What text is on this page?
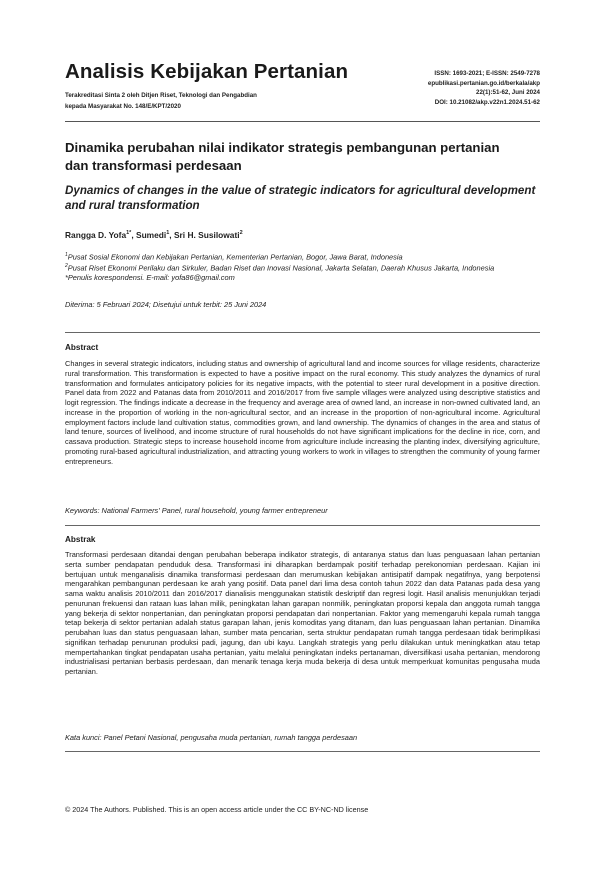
Analisis Kebijakan Pertanian
Terakreditasi Sinta 2 oleh Ditjen Riset, Teknologi dan Pengabdian
kepada Masyarakat No. 148/E/KPT/2020
ISSN: 1693-2021; E-ISSN: 2549-7278
epublikasi.pertanian.go.id/berkala/akp
22(1):51-62, Juni 2024
DOI: 10.21082/akp.v22n1.2024.51-62
Dinamika perubahan nilai indikator strategis pembangunan pertanian dan transformasi perdesaan
Dynamics of changes in the value of strategic indicators for agricultural development and rural transformation
Rangga D. Yofa$^{1*}$, Sumedi$^1$, Sri H. Susilowati$^2$
$^1$Pusat Sosial Ekonomi dan Kebijakan Pertanian, Kementerian Pertanian, Bogor, Jawa Barat, Indonesia
$^2$Pusat Riset Ekonomi Perilaku dan Sirkuler, Badan Riset dan Inovasi Nasional, Jakarta Selatan, Daerah Khusus Jakarta, Indonesia
*Penulis korespondensi. E-mail: yofa86@gmail.com
Diterima: 5 Februari 2024; Disetujui untuk terbit: 25 Juni 2024
Abstract
Changes in several strategic indicators, including status and ownership of agricultural land and income sources for village residents, characterize rural transformation. This transformation is expected to have a positive impact on the rural economy. This study analyzes the dynamics of rural transformation and formulates anticipatory policies for its negative impacts, with the potential to steer rural development in a positive direction. Panel data from 2022 and Patanas data from 2010/2011 and 2016/2017 from five sample villages were analyzed using descriptive statistics and logit regression. The findings indicate a decrease in the frequency and average area of owned land, an increase in non-owned cultivated land, an increase in the proportion of working in the non-agricultural sector, and an increase in the proportion of non-agricultural income. Agricultural employment factors include land cultivation status, commodities grown, and land ownership. The dynamics of changes in the area and status of land tenure, sources of livelihood, and income structure of rural households do not have significant implications for the decline in rice, corn, and cassava production. Strategic steps to increase household income from agriculture include increasing the planting index, diversifying agriculture, promoting rural-based agricultural industrialization, and attracting young workers to work in villages to strengthen the community of young farmer entrepreneurs.
Keywords: National Farmers' Panel, rural household, young farmer entrepreneur
Abstrak
Transformasi perdesaan ditandai dengan perubahan beberapa indikator strategis, di antaranya status dan luas penguasaan lahan pertanian serta sumber pendapatan penduduk desa. Transformasi ini diharapkan berdampak positif terhadap perekonomian perdesaan. Kajian ini bertujuan untuk menganalisis dinamika transformasi perdesaan dan merumuskan kebijakan antisipatif dampak negatifnya, yang berpotensi mengarahkan pembangunan perdesaan ke arah yang positif. Data panel dari lima desa contoh tahun 2022 dan data Patanas pada desa yang sama waktu analisis 2010/2011 dan 2016/2017 dianalisis menggunakan statistik deskriptif dan regresi logit. Hasil analisis menunjukkan terjadi penurunan frekuensi dan rataan luas lahan milik, peningkatan lahan garapan nonmilik, peningkatan proporsi kepala dan anggota rumah tangga yang bekerja di sektor nonpertanian, dan peningkatan proporsi pendapatan dari nonpertanian. Faktor yang memengaruhi kepala rumah tangga tetap bekerja di sektor pertanian adalah status garapan lahan, jenis komoditas yang ditanam, dan luas penguasaan lahan pertanian. Dinamika perubahan luas dan status penguasaan lahan, sumber mata pencarian, serta struktur pendapatan rumah tangga perdesaan tidak berimplikasi signifikan terhadap penurunan produksi padi, jagung, dan ubi kayu. Langkah strategis yang perlu dilakukan untuk meningkatkan atau tetap mempertahankan tingkat pendapatan usaha pertanian, yaitu melalui peningkatan indeks pertanaman, diversifikasi usaha pertanian, mendorong industrialisasi pertanian berbasis perdesaan, dan menarik tenaga kerja muda bekerja di desa untuk memperkuat komunitas pengusaha muda pertanian.
Kata kunci: Panel Petani Nasional, pengusaha muda pertanian, rumah tangga perdesaan
© 2024 The Authors. Published. This is an open access article under the CC BY-NC-ND license
